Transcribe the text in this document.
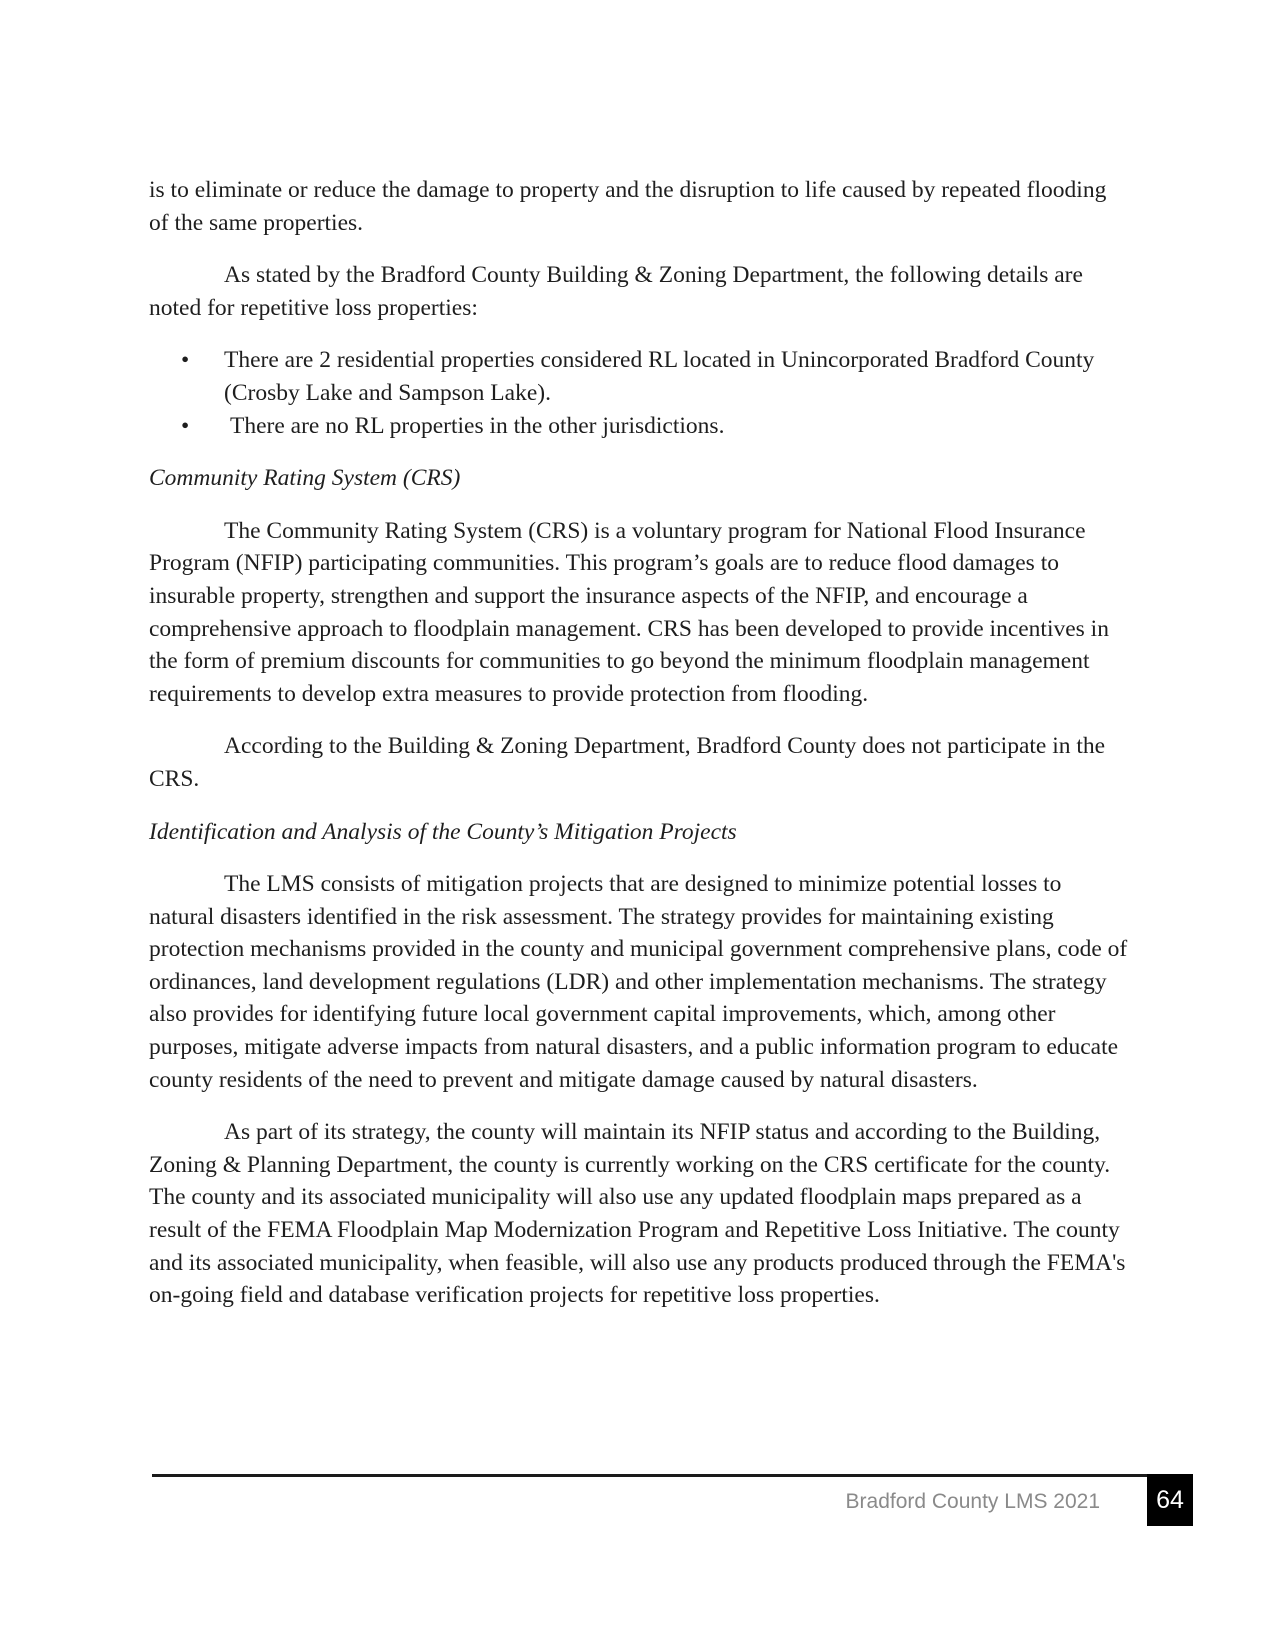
is to eliminate or reduce the damage to property and the disruption to life caused by repeated flooding of the same properties.

As stated by the Bradford County Building & Zoning Department, the following details are noted for repetitive loss properties:

• There are 2 residential properties considered RL located in Unincorporated Bradford County (Crosby Lake and Sampson Lake).
• There are no RL properties in the other jurisdictions.
Community Rating System (CRS)

The Community Rating System (CRS) is a voluntary program for National Flood Insurance Program (NFIP) participating communities. This program’s goals are to reduce flood damages to insurable property, strengthen and support the insurance aspects of the NFIP, and encourage a comprehensive approach to floodplain management. CRS has been developed to provide incentives in the form of premium discounts for communities to go beyond the minimum floodplain management requirements to develop extra measures to provide protection from flooding.

According to the Building & Zoning Department, Bradford County does not participate in the CRS.

Identification and Analysis of the County’s Mitigation Projects

The LMS consists of mitigation projects that are designed to minimize potential losses to natural disasters identified in the risk assessment. The strategy provides for maintaining existing protection mechanisms provided in the county and municipal government comprehensive plans, code of ordinances, land development regulations (LDR) and other implementation mechanisms. The strategy also provides for identifying future local government capital improvements, which, among other purposes, mitigate adverse impacts from natural disasters, and a public information program to educate county residents of the need to prevent and mitigate damage caused by natural disasters.

As part of its strategy, the county will maintain its NFIP status and according to the Building, Zoning & Planning Department, the county is currently working on the CRS certificate for the county. The county and its associated municipality will also use any updated floodplain maps prepared as a result of the FEMA Floodplain Map Modernization Program and Repetitive Loss Initiative. The county and its associated municipality, when feasible, will also use any products produced through the FEMA's on-going field and database verification projects for repetitive loss properties.

Bradford County LMS 2021	64
